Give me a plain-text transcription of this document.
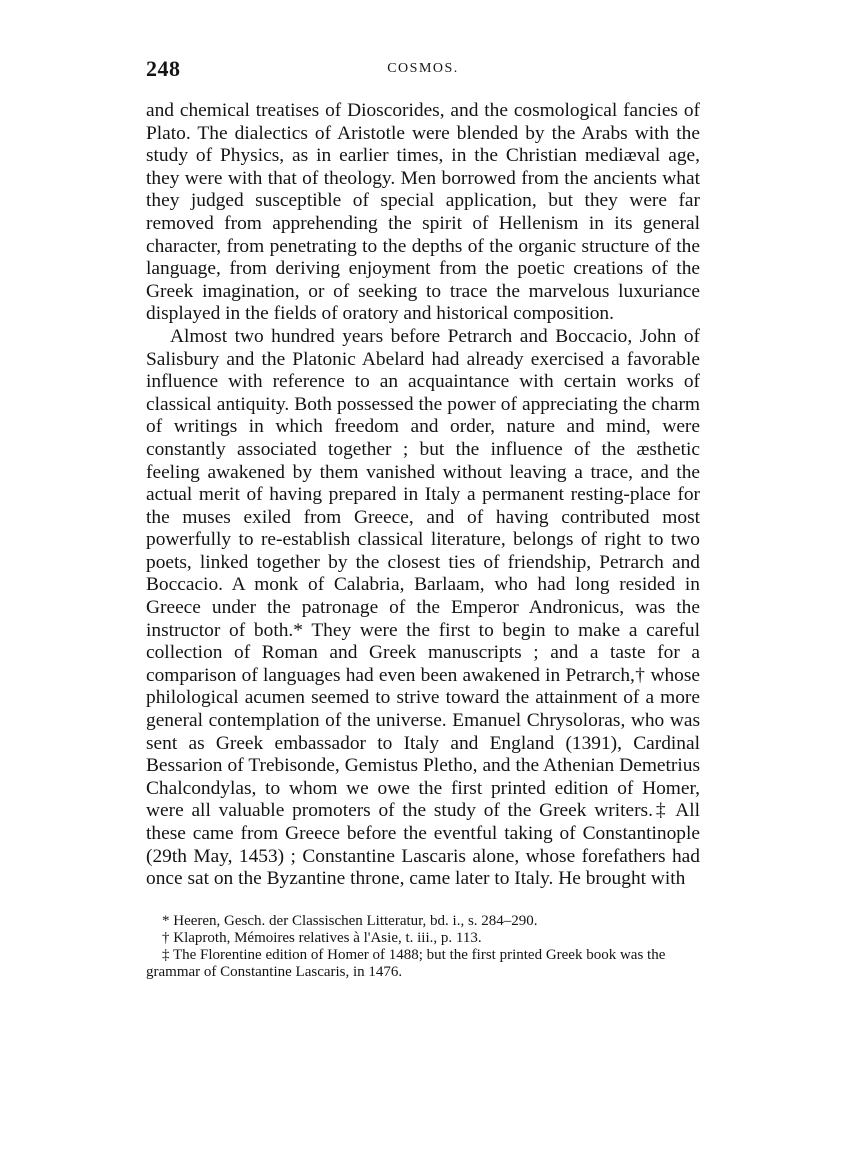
248	COSMOS.

and chemical treatises of Dioscorides, and the cosmological fancies of Plato. The dialectics of Aristotle were blended by the Arabs with the study of Physics, as in earlier times, in the Christian mediæval age, they were with that of theology. Men borrowed from the ancients what they judged susceptible of special application, but they were far removed from apprehending the spirit of Hellenism in its general character, from penetrating to the depths of the organic structure of the language, from deriving enjoyment from the poetic creations of the Greek imagination, or of seeking to trace the marvelous luxuriance displayed in the fields of oratory and historical composition.

Almost two hundred years before Petrarch and Boccacio, John of Salisbury and the Platonic Abelard had already exercised a favorable influence with reference to an acquaintance with certain works of classical antiquity. Both possessed the power of appreciating the charm of writings in which freedom and order, nature and mind, were constantly associated together ; but the influence of the æsthetic feeling awakened by them vanished without leaving a trace, and the actual merit of having prepared in Italy a permanent resting-place for the muses exiled from Greece, and of having contributed most powerfully to re-establish classical literature, belongs of right to two poets, linked together by the closest ties of friendship, Petrarch and Boccacio. A monk of Calabria, Barlaam, who had long resided in Greece under the patronage of the Emperor Andronicus, was the instructor of both.* They were the first to begin to make a careful collection of Roman and Greek manuscripts ; and a taste for a comparison of languages had even been awakened in Petrarch,† whose philological acumen seemed to strive toward the attainment of a more general contemplation of the universe. Emanuel Chrysoloras, who was sent as Greek embassador to Italy and England (1391), Cardinal Bessarion of Trebisonde, Gemistus Pletho, and the Athenian Demetrius Chalcondylas, to whom we owe the first printed edition of Homer, were all valuable promoters of the study of the Greek writers.‡ All these came from Greece before the eventful taking of Constantinople (29th May, 1453) ; Constantine Lascaris alone, whose forefathers had once sat on the Byzantine throne, came later to Italy. He brought with

* Heeren, Gesch. der Classischen Litteratur, bd. i., s. 284–290.

† Klaproth, Mémoires relatives à l'Asie, t. iii., p. 113.

‡ The Florentine edition of Homer of 1488; but the first printed Greek book was the grammar of Constantine Lascaris, in 1476.
